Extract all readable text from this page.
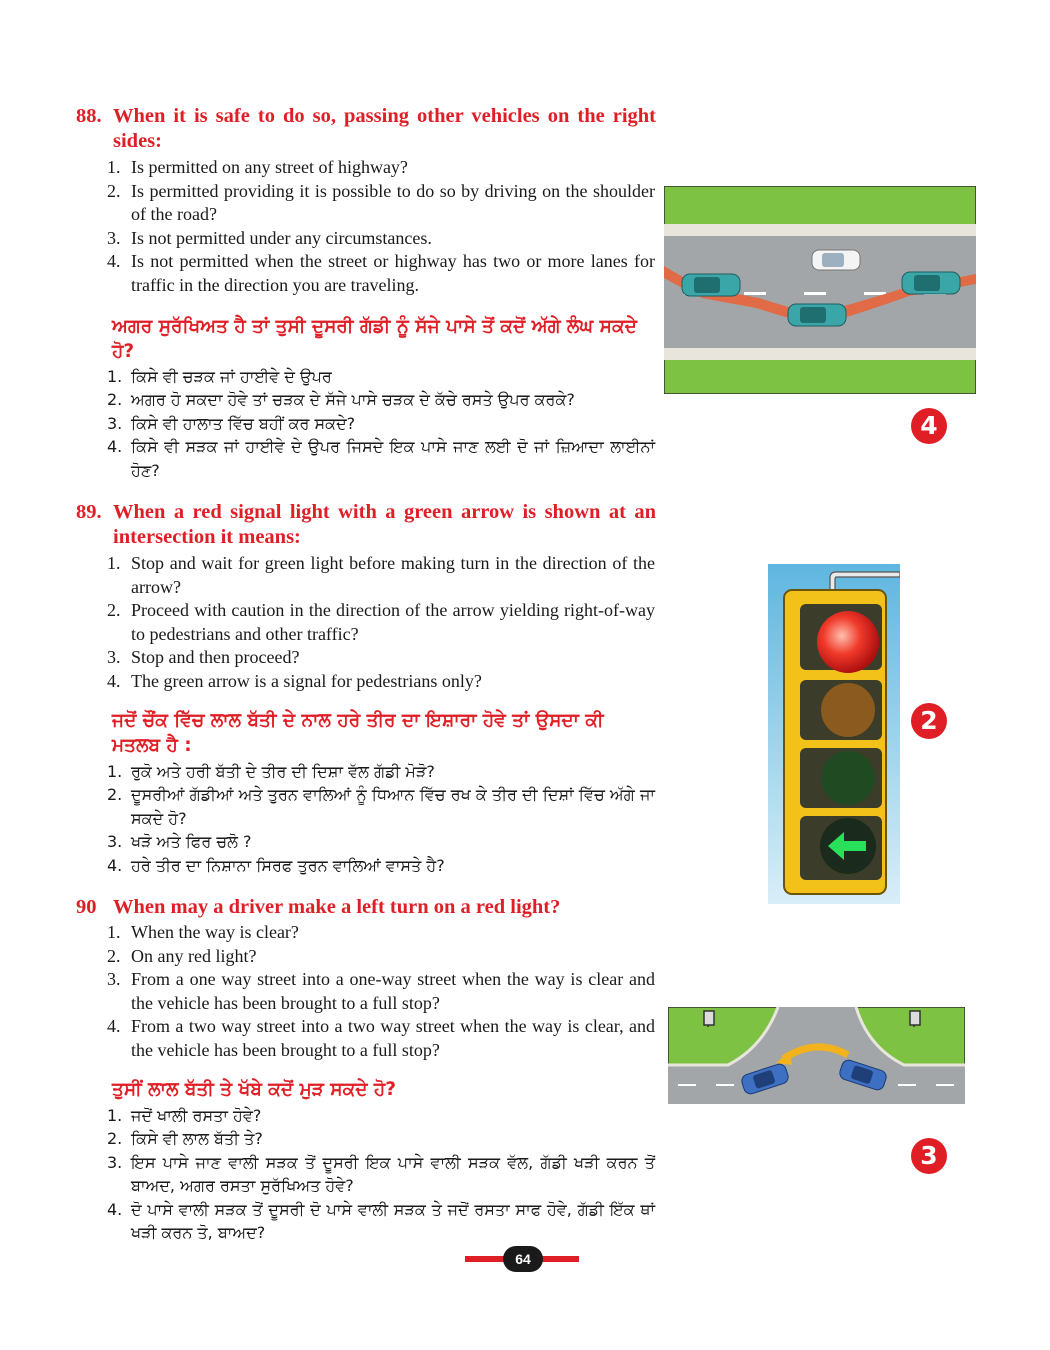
88. When it is safe to do so, passing other vehicles on the right sides:
1. Is permitted on any street of highway?
2. Is permitted providing it is possible to do so by driving on the shoulder of the road?
3. Is not permitted under any circumstances.
4. Is not permitted when the street or highway has two or more lanes for traffic in the direction you are traveling.
ਅਗਰ ਸੁਰੱਖਿਅਤ ਹੈ ਤਾਂ ਤੁਸੀ ਦੂਸਰੀ ਗੱਡੀ ਨੂੰ ਸੱਜੇ ਪਾਸੇ ਤੋਂ ਕਦੋਂ ਅੱਗੇ ਲੰਘ ਸਕਦੇ ਹੋ?
1. ਕਿਸੇ ਵੀ ਚੜਕ ਜਾਂ ਹਾਈਵੇ ਦੇ ਉਪਰ
2. ਅਗਰ ਹੋ ਸਕਦਾ ਹੋਵੇ ਤਾਂ ਚੜਕ ਦੇ ਸੱਜੇ ਪਾਸੇ ਚੜਕ ਦੇ ਕੱਚੇ ਰਸਤੇ ਉਪਰ ਕਰਕੇ?
3. ਕਿਸੇ ਵੀ ਹਾਲਾਤ ਵਿੱਚ ਬਹੀਂ ਕਰ ਸਕਦੇ?
4. ਕਿਸੇ ਵੀ ਸੜਕ ਜਾਂ ਹਾਈਵੇ ਦੇ ਉਪਰ ਜਿਸਦੇ ਇਕ ਪਾਸੇ ਜਾਣ ਲਈ ਦੋ ਜਾਂ ਜ਼ਿਆਦਾ ਲਾਈਨਾਂ ਹੋਣ?
4
89. When a red signal light with a green arrow is shown at an intersection it means:
1. Stop and wait for green light before making turn in the direction of the arrow?
2. Proceed with caution in the direction of the arrow yielding right-of-way to pedestrians and other traffic?
3. Stop and then proceed?
4. The green arrow is a signal for pedestrians only?
ਜਦੋਂ ਚੌਂਕ ਵਿੱਚ ਲਾਲ ਬੱਤੀ ਦੇ ਨਾਲ ਹਰੇ ਤੀਰ ਦਾ ਇਸ਼ਾਰਾ ਹੋਵੇ ਤਾਂ ਉਸਦਾ ਕੀ ਮਤਲਬ ਹੈ :
1. ਰੁਕੋ ਅਤੇ ਹਰੀ ਬੱਤੀ ਦੇ ਤੀਰ ਦੀ ਦਿਸ਼ਾ ਵੱਲ ਗੱਡੀ ਮੋੜੋ?
2. ਦੂਸਰੀਆਂ ਗੱਡੀਆਂ ਅਤੇ ਤੁਰਨ ਵਾਲਿਆਂ ਨੂੰ ਧਿਆਨ ਵਿੱਚ ਰਖ ਕੇ ਤੀਰ ਦੀ ਦਿਸ਼ਾਂ ਵਿੱਚ ਅੱਗੇ ਜਾ ਸਕਦੇ ਹੋ?
3. ਖੜੋ ਅਤੇ ਫਿਰ ਚਲੋ ?
4. ਹਰੇ ਤੀਰ ਦਾ ਨਿਸ਼ਾਨਾ ਸਿਰਫ ਤੁਰਨ ਵਾਲਿਆਂ ਵਾਸਤੇ ਹੈ?
2
90 When may a driver make a left turn on a red light?
1. When the way is clear?
2. On any red light?
3. From a one way street into a one-way street when the way is clear and the vehicle has been brought to a full stop?
4. From a two way street into a two way street when the way is clear, and the vehicle has been brought to a full stop?
ਤੁਸੀਂ ਲਾਲ ਬੱਤੀ ਤੇ ਖੱਬੇ ਕਦੋਂ ਮੁੜ ਸਕਦੇ ਹੋ?
1. ਜਦੋਂ ਖਾਲੀ ਰਸਤਾ ਹੋਵੇ?
2. ਕਿਸੇ ਵੀ ਲਾਲ ਬੱਤੀ ਤੇ?
3. ਇਸ ਪਾਸੇ ਜਾਣ ਵਾਲੀ ਸੜਕ ਤੋਂ ਦੂਸਰੀ ਇਕ ਪਾਸੇ ਵਾਲੀ ਸੜਕ ਵੱਲ, ਗੱਡੀ ਖੜੀ ਕਰਨ ਤੋਂ ਬਾਅਦ, ਅਗਰ ਰਸਤਾ ਸੁਰੱਖਿਅਤ ਹੋਵੇ?
4. ਦੋ ਪਾਸੇ ਵਾਲੀ ਸੜਕ ਤੋਂ ਦੂਸਰੀ ਦੋ ਪਾਸੇ ਵਾਲੀ ਸੜਕ ਤੇ ਜਦੋਂ ਰਸਤਾ ਸਾਫ ਹੋਵੇ, ਗੱਡੀ ਇੱਕ ਥਾਂ ਖੜੀ ਕਰਨ ਤੋ, ਬਾਅਦ?
3
64
